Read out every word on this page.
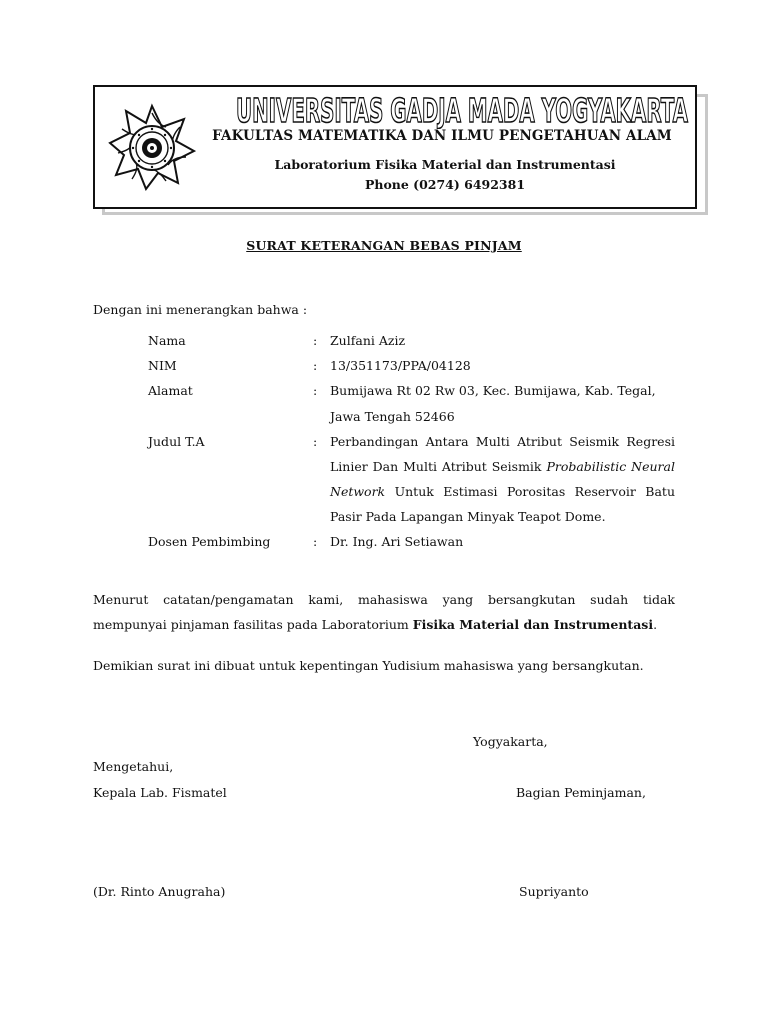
UNIVERSITAS GADJA MADA YOGYAKARTA
FAKULTAS MATEMATIKA DAN ILMU PENGETAHUAN ALAM
Laboratorium Fisika Material dan Instrumentasi
Phone (0274) 6492381
SURAT KETERANGAN BEBAS PINJAM
Dengan ini menerangkan bahwa :
Nama	: Zulfani Aziz
NIM	: 13/351173/PPA/04128
Alamat	: Bumijawa Rt 02 Rw 03, Kec. Bumijawa, Kab. Tegal,
Jawa Tengah 52466
Judul T.A	: Perbandingan Antara Multi Atribut Seismik Regresi Linier Dan Multi Atribut Seismik Probabilistic Neural Network Untuk Estimasi Porositas Reservoir Batu Pasir Pada Lapangan Minyak Teapot Dome.
Dosen Pembimbing	: Dr. Ing. Ari Setiawan
Menurut catatan/pengamatan kami, mahasiswa yang bersangkutan sudah tidak mempunyai pinjaman fasilitas pada Laboratorium Fisika Material dan Instrumentasi.
Demikian surat ini dibuat untuk kepentingan Yudisium mahasiswa yang bersangkutan.
Yogyakarta,
Mengetahui,
Kepala Lab. Fismatel	Bagian Peminjaman,
(Dr. Rinto Anugraha)	Supriyanto
